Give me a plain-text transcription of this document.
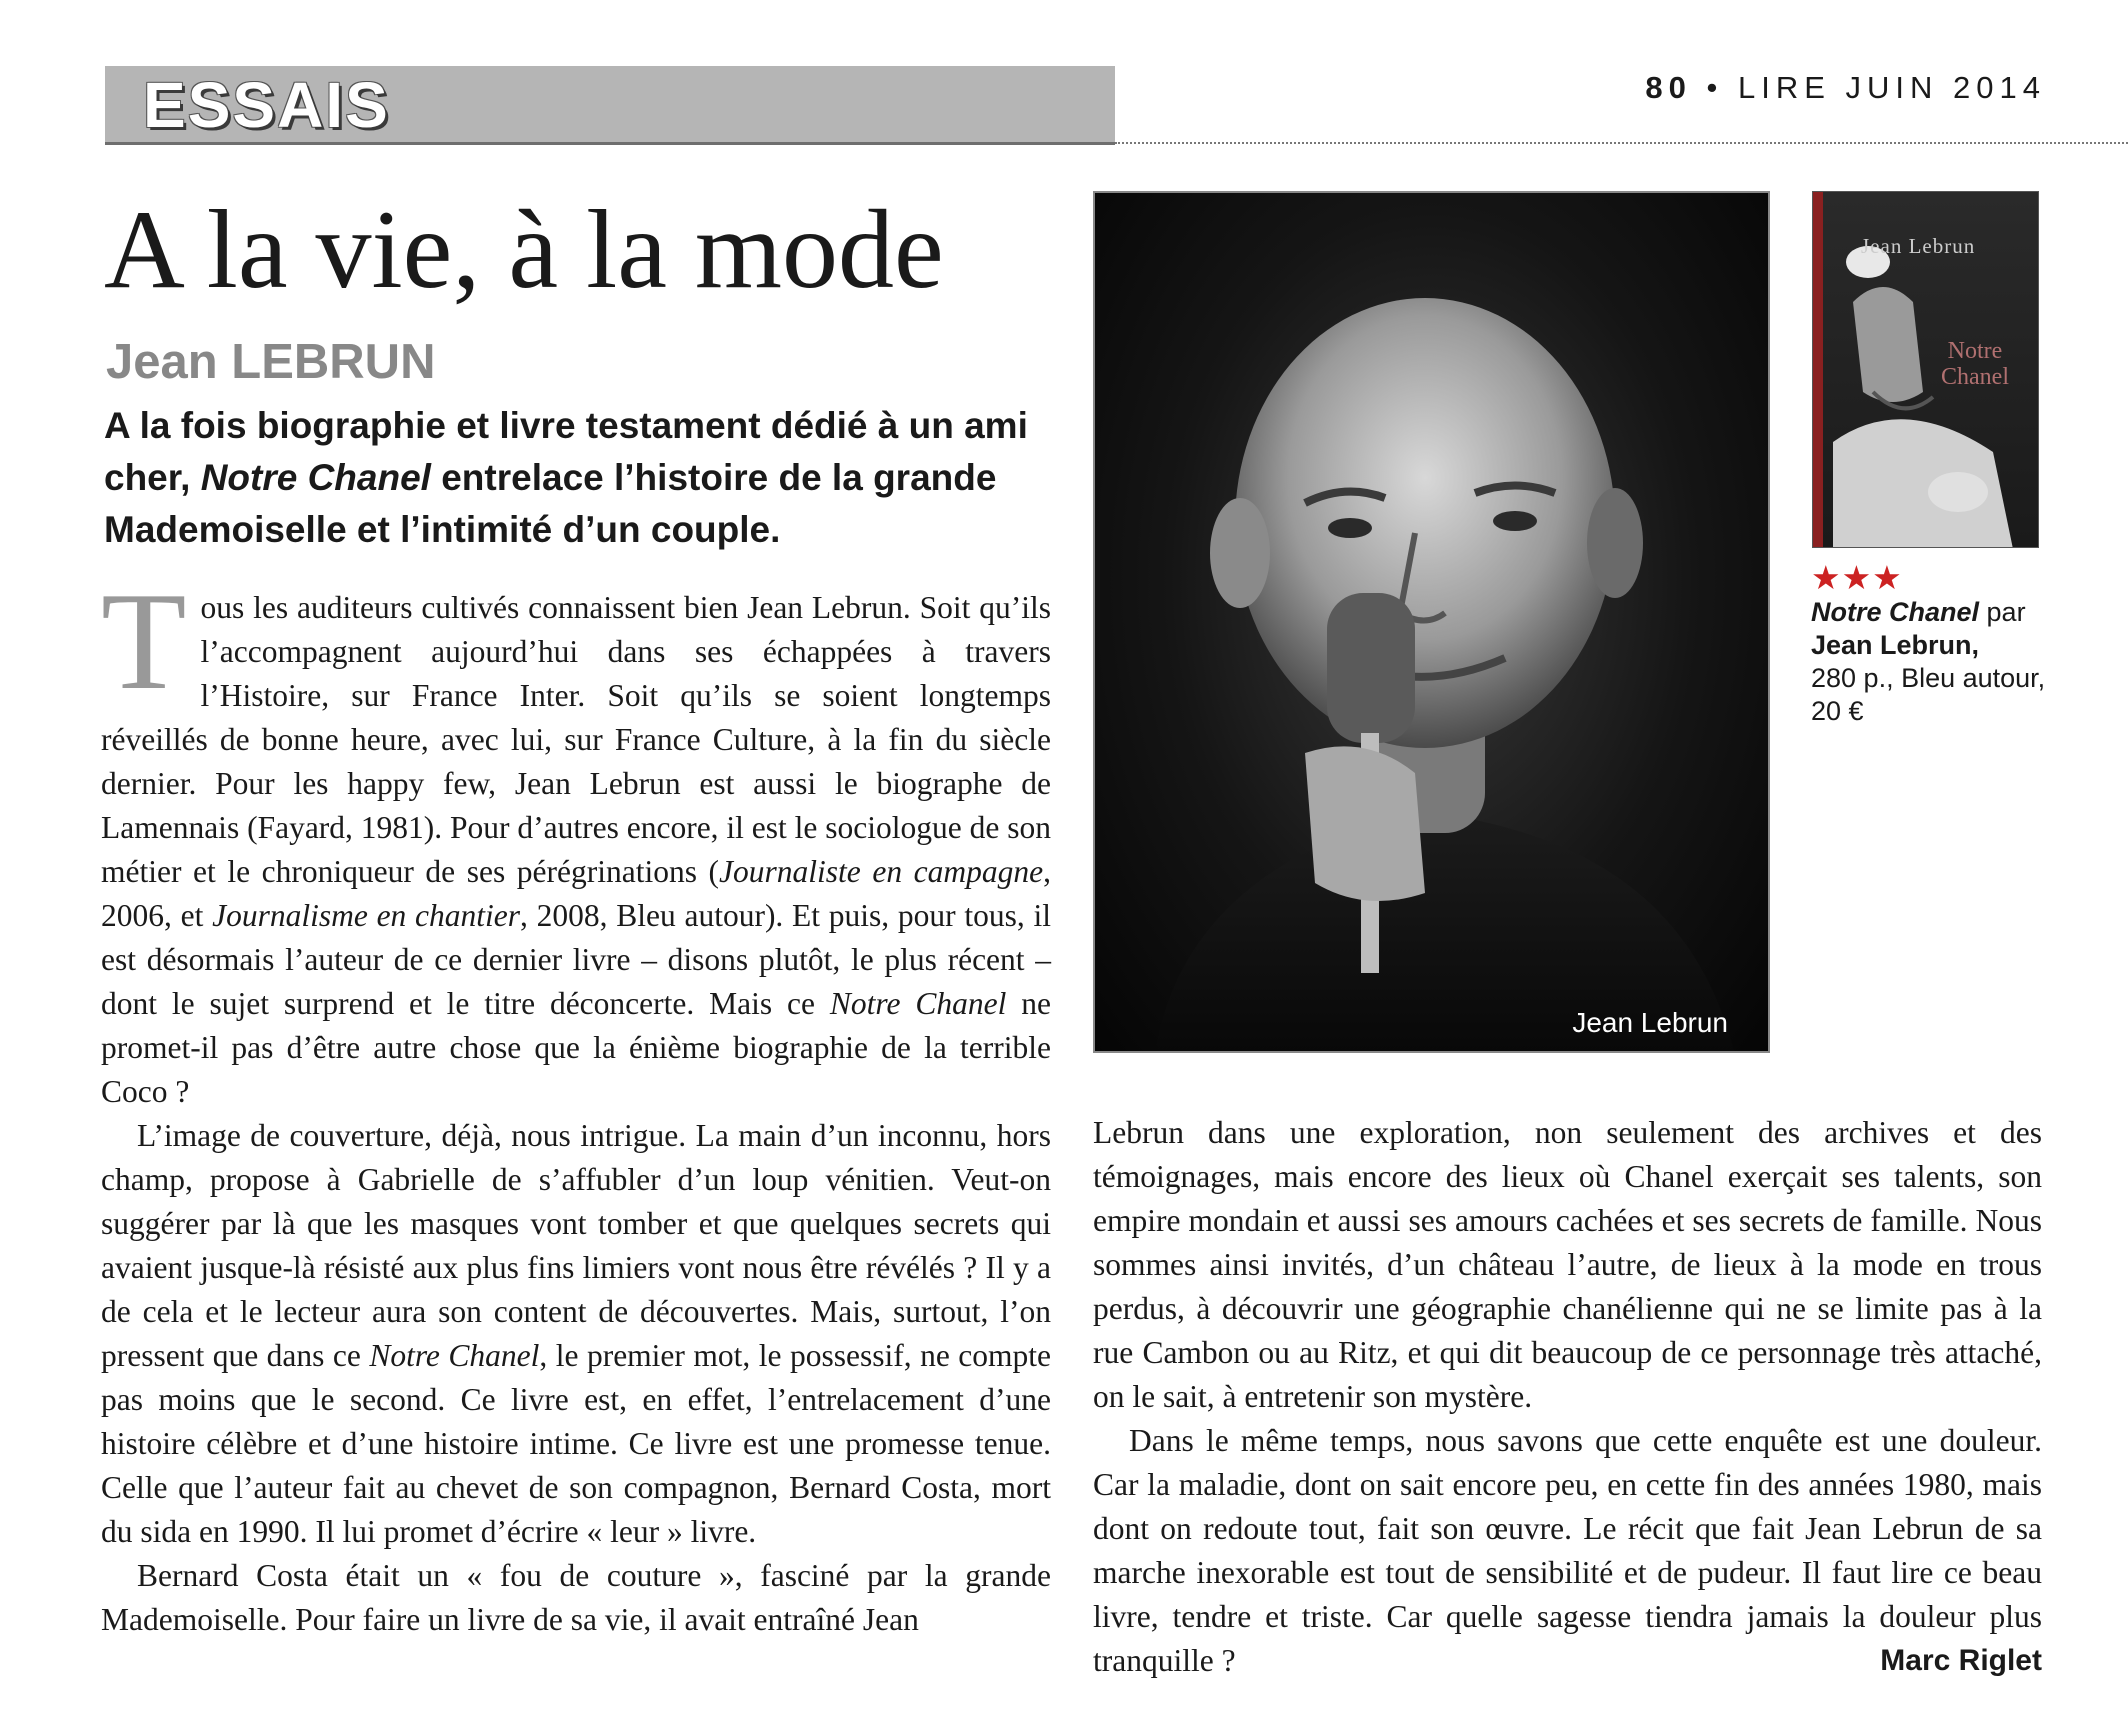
ESSAIS	80 • LIRE JUIN 2014
A la vie, à la mode
Jean LEBRUN
A la fois biographie et livre testament dédié à un ami cher, Notre Chanel entrelace l’histoire de la grande Mademoiselle et l’intimité d’un couple.

Tous les auditeurs cultivés connaissent bien Jean Lebrun. Soit qu’ils l’accompagnent aujourd’hui dans ses échappées à travers l’Histoire, sur France Inter. Soit qu’ils se soient longtemps réveillés de bonne heure, avec lui, sur France Culture, à la fin du siècle dernier. Pour les happy few, Jean Lebrun est aussi le biographe de Lamennais (Fayard, 1981). Pour d’autres encore, il est le sociologue de son métier et le chroniqueur de ses pérégrinations (Journaliste en campagne, 2006, et Journalisme en chantier, 2008, Bleu autour). Et puis, pour tous, il est désormais l’auteur de ce dernier livre – disons plutôt, le plus récent – dont le sujet surprend et le titre déconcerte. Mais ce Notre Chanel ne promet-il pas d’être autre chose que la énième biographie de la terrible Coco ?

L’image de couverture, déjà, nous intrigue. La main d’un inconnu, hors champ, propose à Gabrielle de s’affubler d’un loup vénitien. Veut-on suggérer par là que les masques vont tomber et que quelques secrets qui avaient jusque-là résisté aux plus fins limiers vont nous être révélés ? Il y a de cela et le lecteur aura son content de découvertes. Mais, surtout, l’on pressent que dans ce Notre Chanel, le premier mot, le possessif, ne compte pas moins que le second. Ce livre est, en effet, l’entrelacement d’une histoire célèbre et d’une histoire intime. Ce livre est une promesse tenue. Celle que l’auteur fait au chevet de son compagnon, Bernard Costa, mort du sida en 1990. Il lui promet d’écrire « leur » livre.

Bernard Costa était un « fou de couture », fasciné par la grande Mademoiselle. Pour faire un livre de sa vie, il avait entraîné Jean

Jean Lebrun
Jean Lebrun
Notre
Chanel
★★★
Notre Chanel par
Jean Lebrun,
280 p., Bleu autour, 20 €

Lebrun dans une exploration, non seulement des archives et des témoignages, mais encore des lieux où Chanel exerçait ses talents, son empire mondain et aussi ses amours cachées et ses secrets de famille. Nous sommes ainsi invités, d’un château l’autre, de lieux à la mode en trous perdus, à découvrir une géographie chanélienne qui ne se limite pas à la rue Cambon ou au Ritz, et qui dit beaucoup de ce personnage très attaché, on le sait, à entretenir son mystère.

Dans le même temps, nous savons que cette enquête est une douleur. Car la maladie, dont on sait encore peu, en cette fin des années 1980, mais dont on redoute tout, fait son œuvre. Le récit que fait Jean Lebrun de sa marche inexorable est tout de sensibilité et de pudeur. Il faut lire ce beau livre, tendre et triste. Car quelle sagesse tiendra jamais la douleur plus tranquille ?	Marc Riglet
